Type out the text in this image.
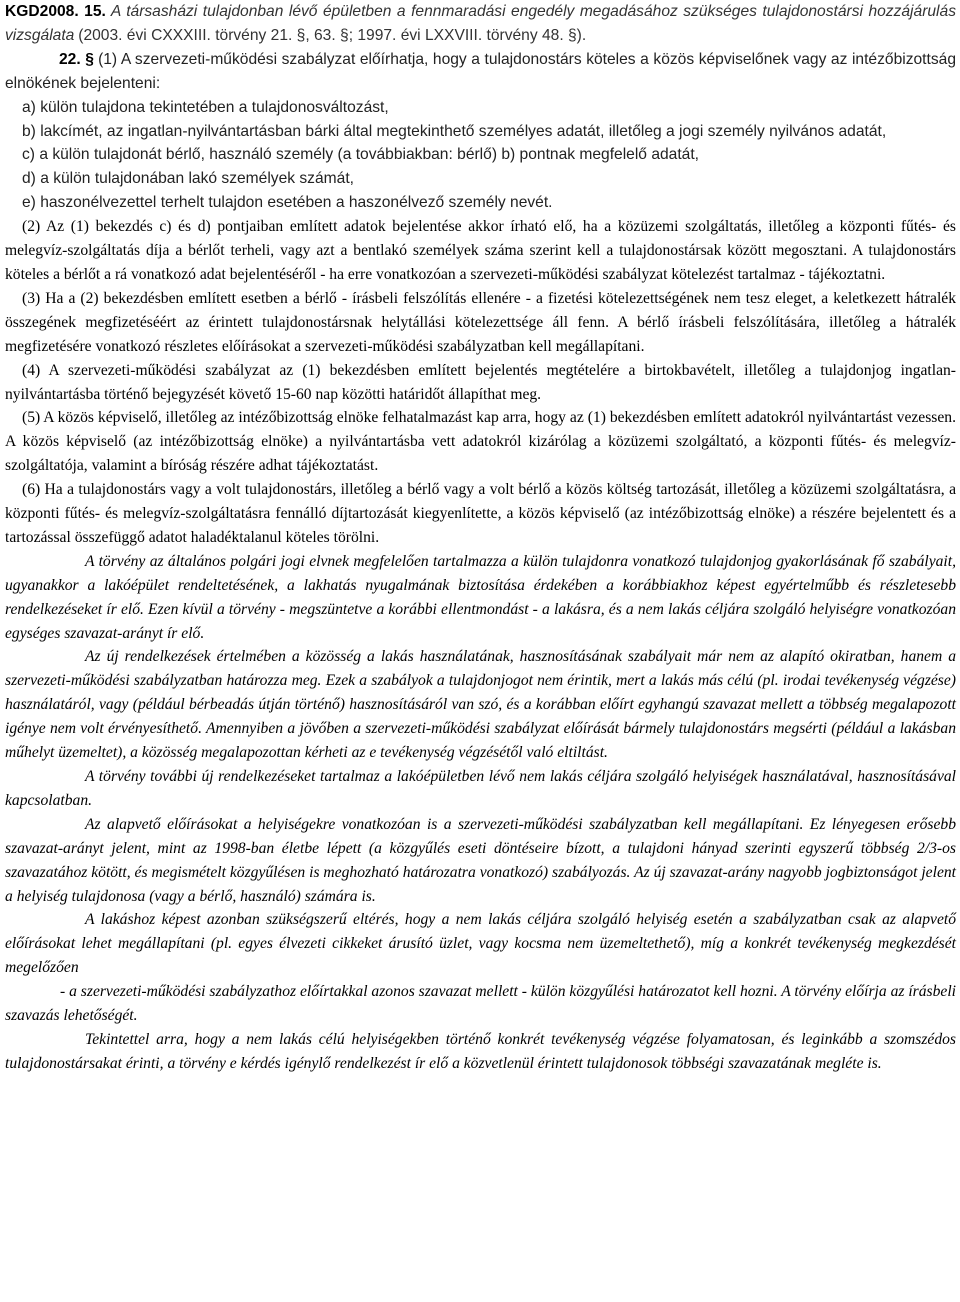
KGD2008. 15. A társasházi tulajdonban lévő épületben a fennmaradási engedély megadásához szükséges tulajdonostársi hozzájárulás vizsgálata (2003. évi CXXXIII. törvény 21. §, 63. §; 1997. évi LXXVIII. törvény 48. §).

22. § (1) A szervezeti-működési szabályzat előírhatja, hogy a tulajdonostárs köteles a közös képviselőnek vagy az intézőbizottság elnökének bejelenteni:

a) külön tulajdona tekintetében a tulajdonosváltozást,

b) lakcímét, az ingatlan-nyilvántartásban bárki által megtekinthető személyes adatát, illetőleg a jogi személy nyilvános adatát,

c) a külön tulajdonát bérlő, használó személy (a továbbiakban: bérlő) b) pontnak megfelelő adatát,

d) a külön tulajdonában lakó személyek számát,

e) haszonélvezettel terhelt tulajdon esetében a haszonélvező személy nevét.

(2) Az (1) bekezdés c) és d) pontjaiban említett adatok bejelentése akkor írható elő, ha a közüzemi szolgáltatás, illetőleg a központi fűtés- és melegvíz-szolgáltatás díja a bérlőt terheli, vagy azt a bentlakó személyek száma szerint kell a tulajdonostársak között megosztani. A tulajdonostárs köteles a bérlőt a rá vonatkozó adat bejelentéséről - ha erre vonatkozóan a szervezeti-működési szabályzat kötelezést tartalmaz - tájékoztatni.

(3) Ha a (2) bekezdésben említett esetben a bérlő - írásbeli felszólítás ellenére - a fizetési kötelezettségének nem tesz eleget, a keletkezett hátralék összegének megfizetéséért az érintett tulajdonostársnak helytállási kötelezettsége áll fenn. A bérlő írásbeli felszólítására, illetőleg a hátralék megfizetésére vonatkozó részletes előírásokat a szervezeti-működési szabályzatban kell megállapítani.

(4) A szervezeti-működési szabályzat az (1) bekezdésben említett bejelentés megtételére a birtokbavételt, illetőleg a tulajdonjog ingatlan-nyilvántartásba történő bejegyzését követő 15-60 nap közötti határidőt állapíthat meg.

(5) A közös képviselő, illetőleg az intézőbizottság elnöke felhatalmazást kap arra, hogy az (1) bekezdésben említett adatokról nyilvántartást vezessen. A közös képviselő (az intézőbizottság elnöke) a nyilvántartásba vett adatokról kizárólag a közüzemi szolgáltató, a központi fűtés- és melegvíz-szolgáltatója, valamint a bíróság részére adhat tájékoztatást.

(6) Ha a tulajdonostárs vagy a volt tulajdonostárs, illetőleg a bérlő vagy a volt bérlő a közös költség tartozását, illetőleg a közüzemi szolgáltatásra, a központi fűtés- és melegvíz-szolgáltatásra fennálló díjtartozását kiegyenlítette, a közös képviselő (az intézőbizottság elnöke) a részére bejelentett és a tartozással összefüggő adatot haladéktalanul köteles törölni.

A törvény az általános polgári jogi elvnek megfelelően tartalmazza a külön tulajdonra vonatkozó tulajdonjog gyakorlásának fő szabályait, ugyanakkor a lakóépület rendeltetésének, a lakhatás nyugalmának biztosítása érdekében a korábbiakhoz képest egyértelműbb és részletesebb rendelkezéseket ír elő. Ezen kívül a törvény - megszüntetve a korábbi ellentmondást - a lakásra, és a nem lakás céljára szolgáló helyiségre vonatkozóan egységes szavazat-arányt ír elő.

Az új rendelkezések értelmében a közösség a lakás használatának, hasznosításának szabályait már nem az alapító okiratban, hanem a szervezeti-működési szabályzatban határozza meg. Ezek a szabályok a tulajdonjogot nem érintik, mert a lakás más célú (pl. irodai tevékenység végzése) használatáról, vagy (például bérbeadás útján történő) hasznosításáról van szó, és a korábban előírt egyhangú szavazat mellett a többség megalapozott igénye nem volt érvényesíthető. Amennyiben a jövőben a szervezeti-működési szabályzat előírását bármely tulajdonostárs megsérti (például a lakásban műhelyt üzemeltet), a közösség megalapozottan kérheti az e tevékenység végzésétől való eltiltást.

A törvény további új rendelkezéseket tartalmaz a lakóépületben lévő nem lakás céljára szolgáló helyiségek használatával, hasznosításával kapcsolatban.

Az alapvető előírásokat a helyiségekre vonatkozóan is a szervezeti-működési szabályzatban kell megállapítani. Ez lényegesen erősebb szavazat-arányt jelent, mint az 1998-ban életbe lépett (a közgyűlés eseti döntéseire bízott, a tulajdoni hányad szerinti egyszerű többség 2/3-os szavazatához kötött, és megismételt közgyűlésen is meghozható határozatra vonatkozó) szabályozás. Az új szavazat-arány nagyobb jogbiztonságot jelent a helyiség tulajdonosa (vagy a bérlő, használó) számára is.

A lakáshoz képest azonban szükségszerű eltérés, hogy a nem lakás céljára szolgáló helyiség esetén a szabályzatban csak az alapvető előírásokat lehet megállapítani (pl. egyes élvezeti cikkeket árusító üzlet, vagy kocsma nem üzemeltethető), míg a konkrét tevékenység megkezdését megelőzően

- a szervezeti-működési szabályzathoz előírtakkal azonos szavazat mellett - külön közgyűlési határozatot kell hozni. A törvény előírja az írásbeli szavazás lehetőségét.

Tekintettel arra, hogy a nem lakás célú helyiségekben történő konkrét tevékenység végzése folyamatosan, és leginkább a szomszédos tulajdonostársakat érinti, a törvény e kérdés igénylő rendelkezést ír elő a közvetlenül érintett tulajdonosok többségi szavazatának megléte is.
